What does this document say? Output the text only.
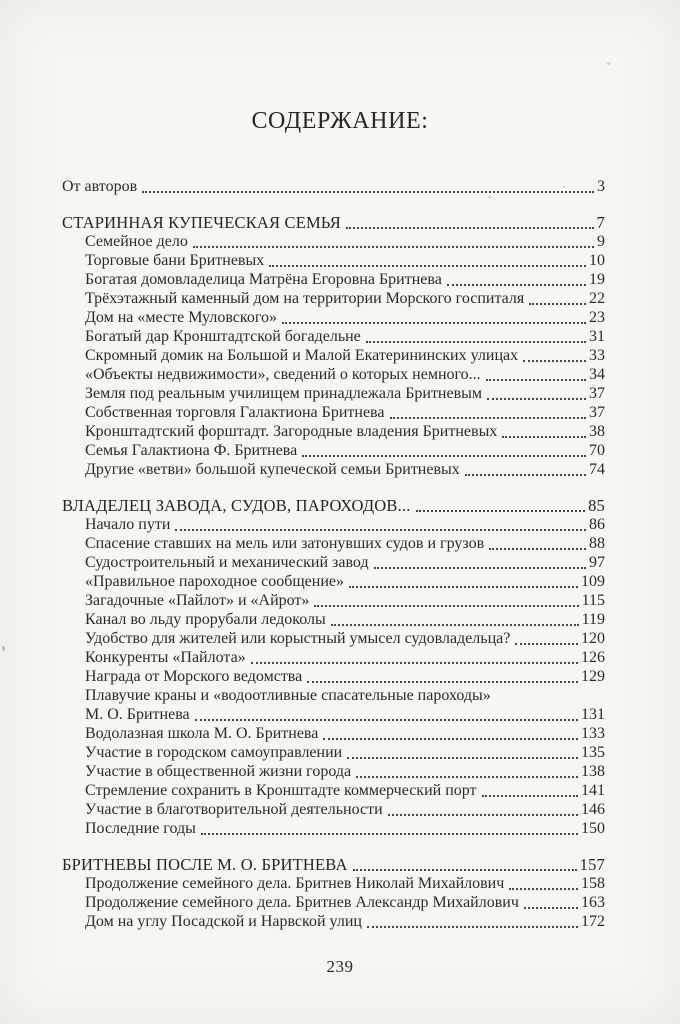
СОДЕРЖАНИЕ:
От авторов	3
СТАРИННАЯ КУПЕЧЕСКАЯ СЕМЬЯ	7
Семейное дело	9
Торговые бани Бритневых	10
Богатая домовладелица Матрёна Егоровна Бритнева	19
Трёхэтажный каменный дом на территории Морского госпиталя	22
Дом на «месте Муловского»	23
Богатый дар Кронштадтской богадельне	31
Скромный домик на Большой и Малой Екатерининских улицах	33
«Объекты недвижимости», сведений о которых немного...	34
Земля под реальным училищем принадлежала Бритневым	37
Собственная торговля Галактиона Бритнева	37
Кронштадтский форштадт. Загородные владения Бритневых	38
Семья Галактиона Ф. Бритнева	70
Другие «ветви» большой купеческой семьи Бритневых	74
ВЛАДЕЛЕЦ ЗАВОДА, СУДОВ, ПАРОХОДОВ...	85
Начало пути	86
Спасение ставших на мель или затонувших судов и грузов	88
Судостроительный и механический завод	97
«Правильное пароходное сообщение»	109
Загадочные «Пайлот» и «Айрот»	115
Канал во льду прорубали ледоколы	119
Удобство для жителей или корыстный умысел судовладельца?	120
Конкуренты «Пайлота»	126
Награда от Морского ведомства	129
Плавучие краны и «водоотливные спасательные пароходы»
М. О. Бритнева	131
Водолазная школа М. О. Бритнева	133
Участие в городском самоуправлении	135
Участие в общественной жизни города	138
Стремление сохранить в Кронштадте коммерческий порт	141
Участие в благотворительной деятельности	146
Последние годы	150
БРИТНЕВЫ ПОСЛЕ М. О. БРИТНЕВА	157
Продолжение семейного дела. Бритнев Николай Михайлович	158
Продолжение семейного дела. Бритнев Александр Михайлович	163
Дом на углу Посадской и Нарвской улиц	172
239
